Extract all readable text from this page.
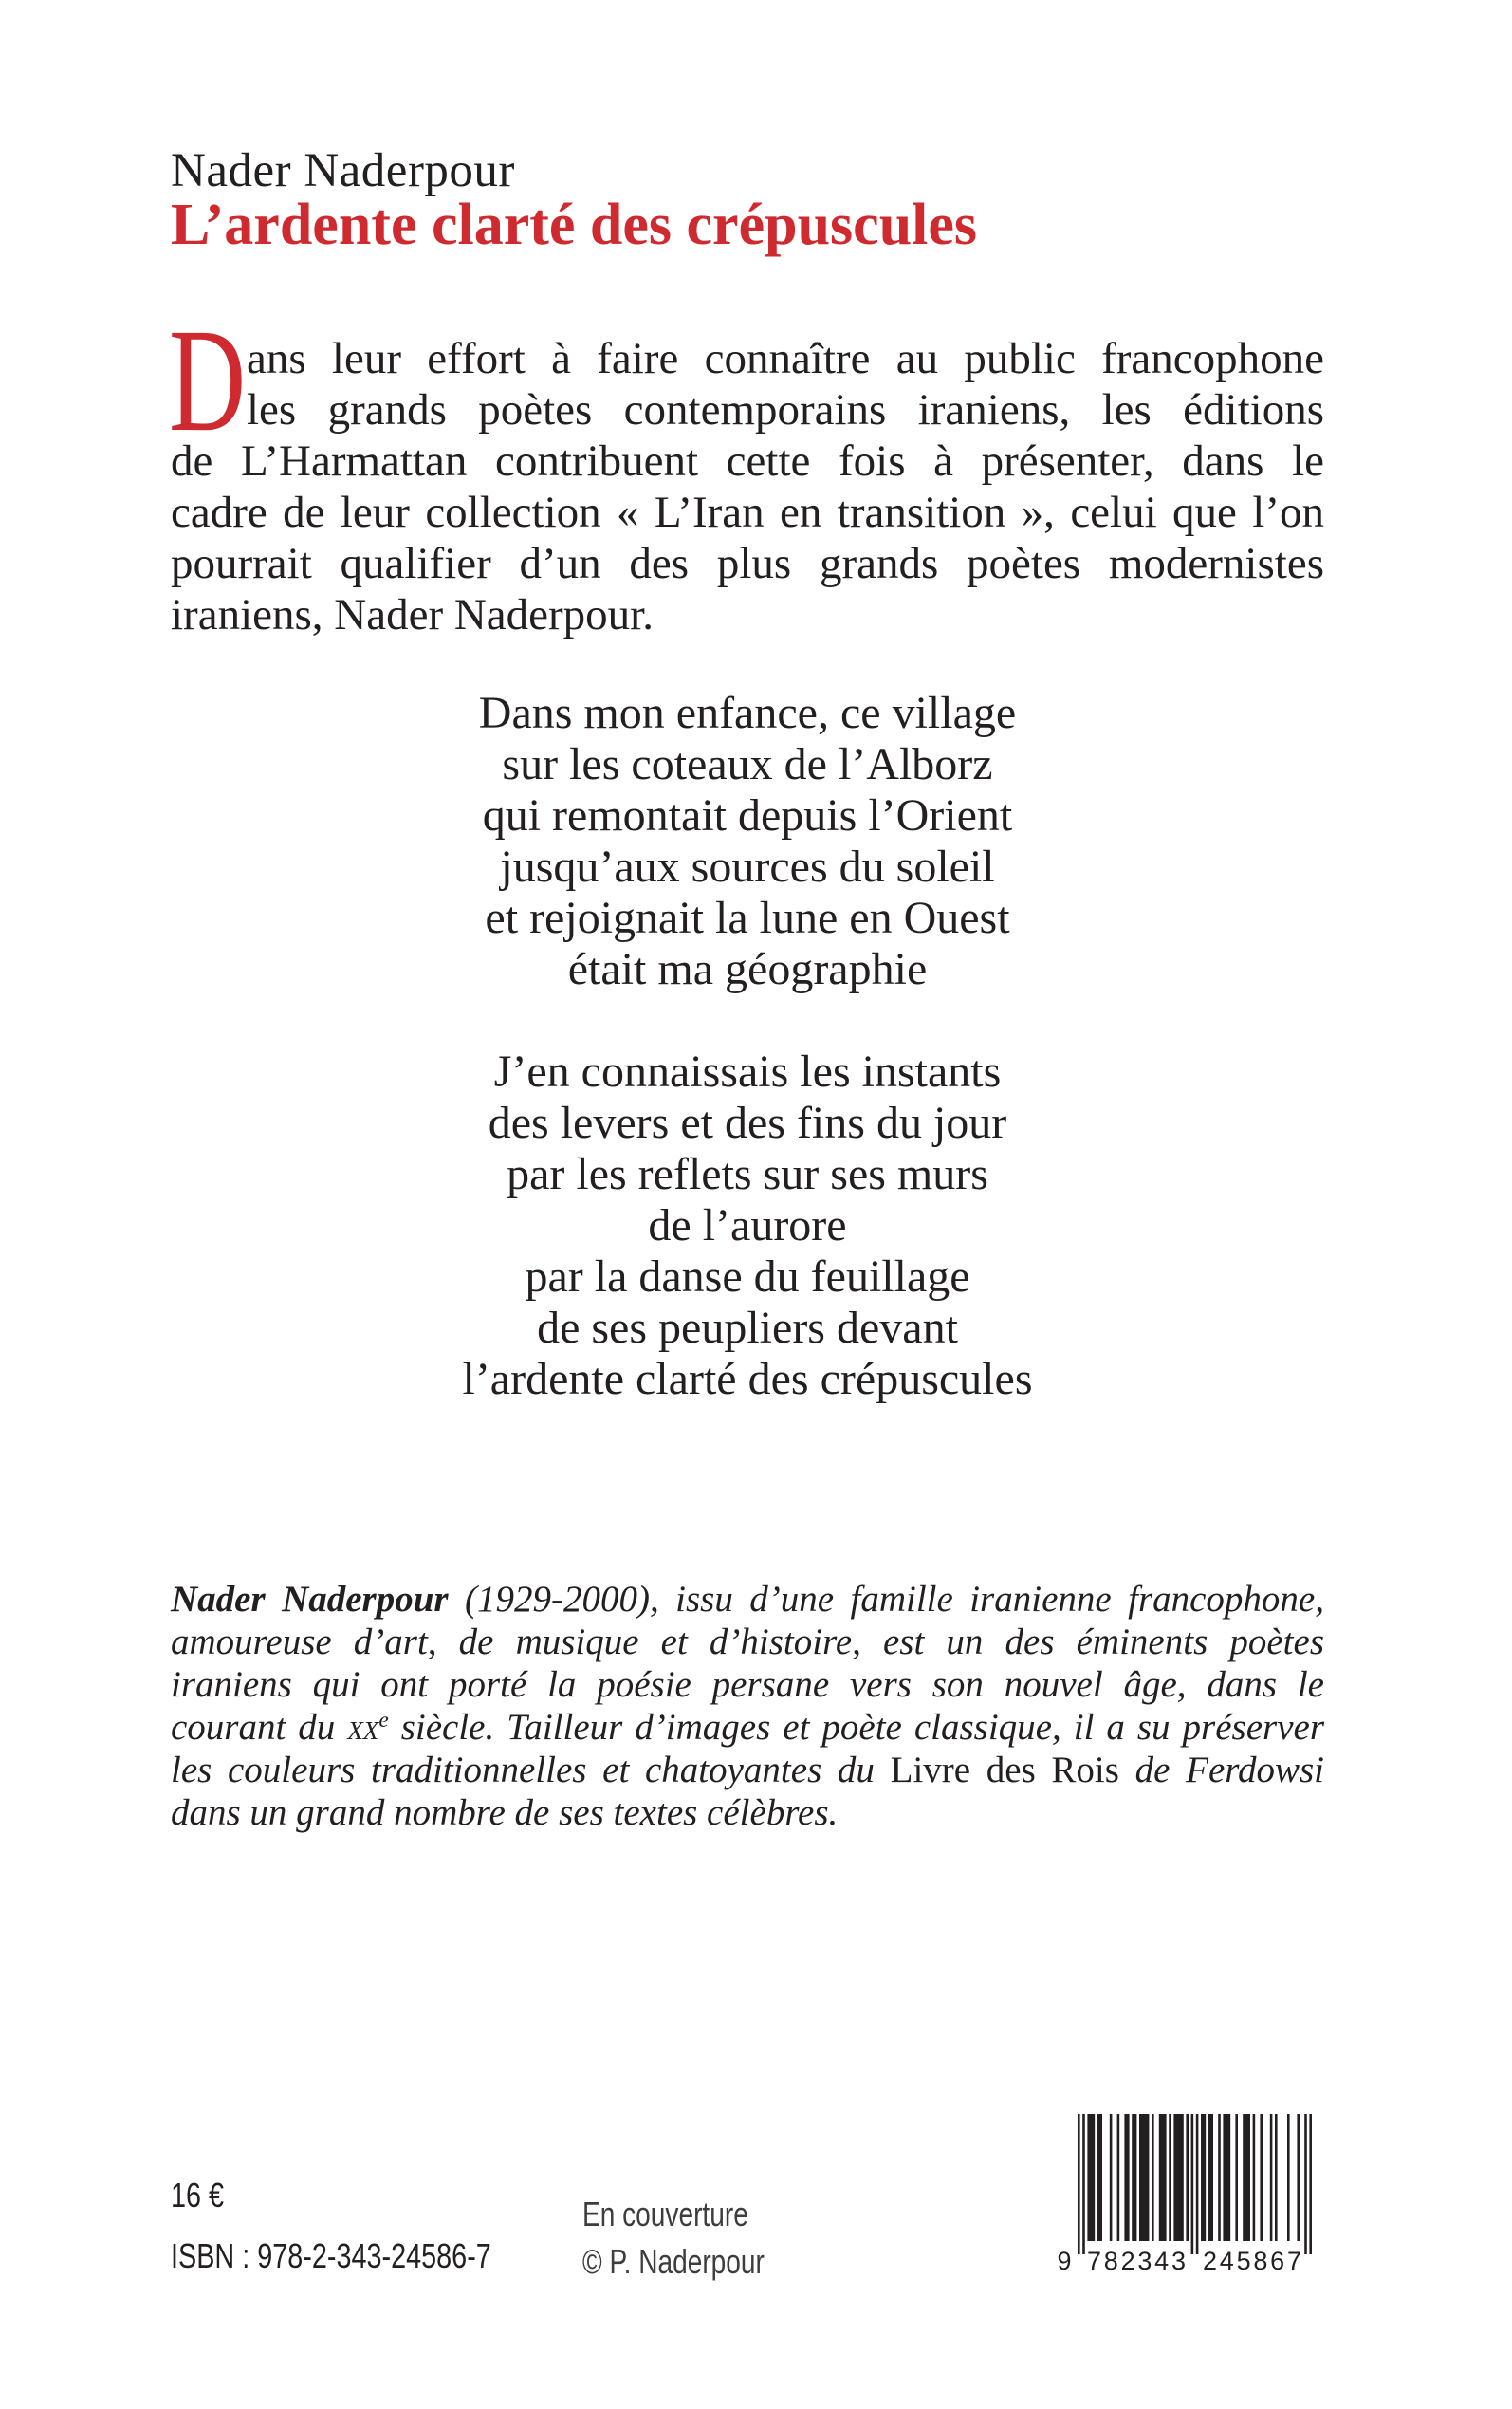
Nader Naderpour
L’ardente clarté des crépuscules
D ans leur effort à faire connaître au public francophone
les grands poètes contemporains iraniens, les éditions
de L’Harmattan contribuent cette fois à présenter, dans le
cadre de leur collection « L’Iran en transition », celui que l’on
pourrait qualifier d’un des plus grands poètes modernistes
iraniens, Nader Naderpour.
Dans mon enfance, ce village
sur les coteaux de l’Alborz
qui remontait depuis l’Orient
jusqu’aux sources du soleil
et rejoignait la lune en Ouest
était ma géographie
J’en connaissais les instants
des levers et des fins du jour
par les reflets sur ses murs
de l’aurore
par la danse du feuillage
de ses peupliers devant
l’ardente clarté des crépuscules
Nader Naderpour (1929-2000), issu d’une famille iranienne francophone,
amoureuse d’art, de musique et d’histoire, est un des éminents poètes
iraniens qui ont porté la poésie persane vers son nouvel âge, dans le
courant du $xx^e$ siècle. Tailleur d’images et poète classique, il a su préserver
les couleurs traditionnelles et chatoyantes du Livre des Rois de Ferdowsi
dans un grand nombre de ses textes célèbres.
16 €
ISBN : 978-2-343-24586-7
En couverture
© P. Naderpour	9 782343 245867
